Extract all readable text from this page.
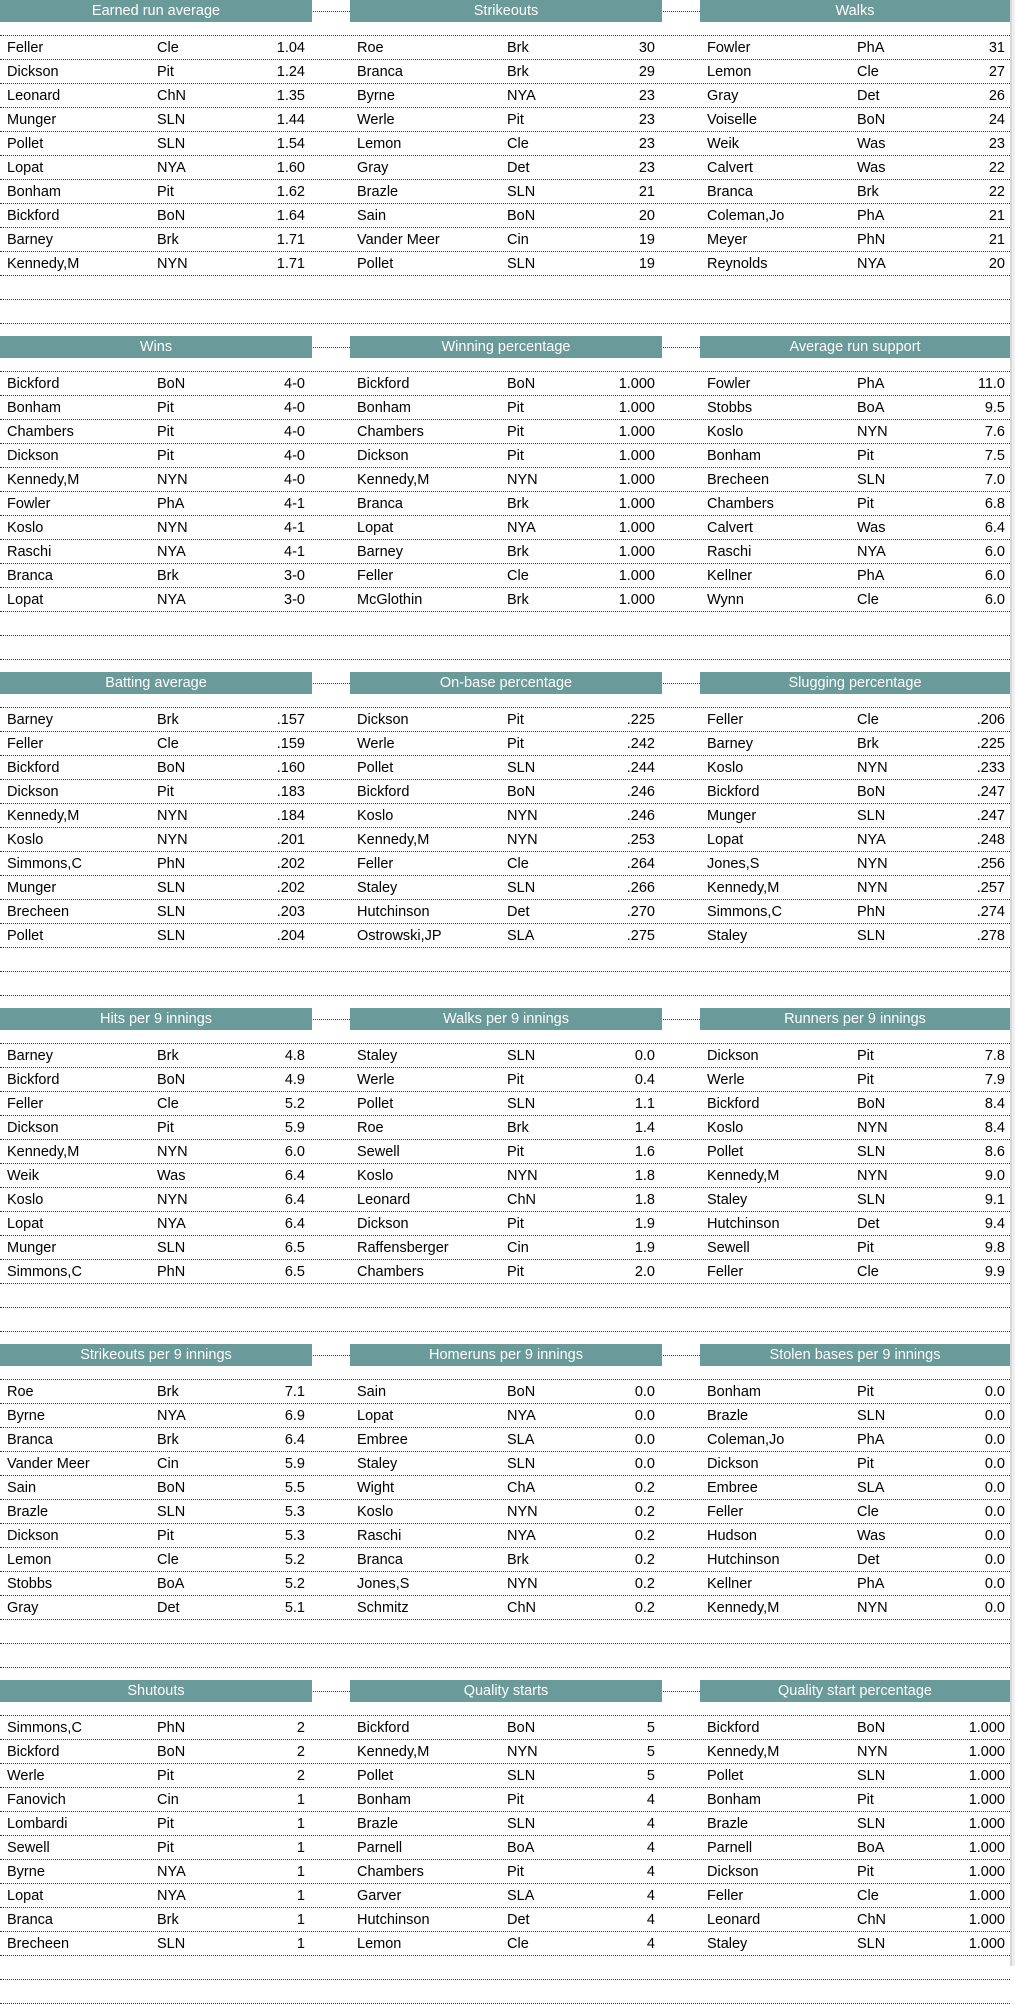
Earned run average
Feller	Cle	1.04
Dickson	Pit	1.24
Leonard	ChN	1.35
Munger	SLN	1.44
Pollet	SLN	1.54
Lopat	NYA	1.60
Bonham	Pit	1.62
Bickford	BoN	1.64
Barney	Brk	1.71
Kennedy,M	NYN	1.71
Strikeouts
Roe	Brk	30
Branca	Brk	29
Byrne	NYA	23
Werle	Pit	23
Lemon	Cle	23
Gray	Det	23
Brazle	SLN	21
Sain	BoN	20
Vander Meer	Cin	19
Pollet	SLN	19
Walks
Fowler	PhA	31
Lemon	Cle	27
Gray	Det	26
Voiselle	BoN	24
Weik	Was	23
Calvert	Was	22
Branca	Brk	22
Coleman,Jo	PhA	21
Meyer	PhN	21
Reynolds	NYA	20
Wins
Bickford	BoN	4-0
Bonham	Pit	4-0
Chambers	Pit	4-0
Dickson	Pit	4-0
Kennedy,M	NYN	4-0
Fowler	PhA	4-1
Koslo	NYN	4-1
Raschi	NYA	4-1
Branca	Brk	3-0
Lopat	NYA	3-0
Winning percentage
Bickford	BoN	1.000
Bonham	Pit	1.000
Chambers	Pit	1.000
Dickson	Pit	1.000
Kennedy,M	NYN	1.000
Branca	Brk	1.000
Lopat	NYA	1.000
Barney	Brk	1.000
Feller	Cle	1.000
McGlothin	Brk	1.000
Average run support
Fowler	PhA	11.0
Stobbs	BoA	9.5
Koslo	NYN	7.6
Bonham	Pit	7.5
Brecheen	SLN	7.0
Chambers	Pit	6.8
Calvert	Was	6.4
Raschi	NYA	6.0
Kellner	PhA	6.0
Wynn	Cle	6.0
Batting average
Barney	Brk	.157
Feller	Cle	.159
Bickford	BoN	.160
Dickson	Pit	.183
Kennedy,M	NYN	.184
Koslo	NYN	.201
Simmons,C	PhN	.202
Munger	SLN	.202
Brecheen	SLN	.203
Pollet	SLN	.204
On-base percentage
Dickson	Pit	.225
Werle	Pit	.242
Pollet	SLN	.244
Bickford	BoN	.246
Koslo	NYN	.246
Kennedy,M	NYN	.253
Feller	Cle	.264
Staley	SLN	.266
Hutchinson	Det	.270
Ostrowski,JP	SLA	.275
Slugging percentage
Feller	Cle	.206
Barney	Brk	.225
Koslo	NYN	.233
Bickford	BoN	.247
Munger	SLN	.247
Lopat	NYA	.248
Jones,S	NYN	.256
Kennedy,M	NYN	.257
Simmons,C	PhN	.274
Staley	SLN	.278
Hits per 9 innings
Barney	Brk	4.8
Bickford	BoN	4.9
Feller	Cle	5.2
Dickson	Pit	5.9
Kennedy,M	NYN	6.0
Weik	Was	6.4
Koslo	NYN	6.4
Lopat	NYA	6.4
Munger	SLN	6.5
Simmons,C	PhN	6.5
Walks per 9 innings
Staley	SLN	0.0
Werle	Pit	0.4
Pollet	SLN	1.1
Roe	Brk	1.4
Sewell	Pit	1.6
Koslo	NYN	1.8
Leonard	ChN	1.8
Dickson	Pit	1.9
Raffensberger	Cin	1.9
Chambers	Pit	2.0
Runners per 9 innings
Dickson	Pit	7.8
Werle	Pit	7.9
Bickford	BoN	8.4
Koslo	NYN	8.4
Pollet	SLN	8.6
Kennedy,M	NYN	9.0
Staley	SLN	9.1
Hutchinson	Det	9.4
Sewell	Pit	9.8
Feller	Cle	9.9
Strikeouts per 9 innings
Roe	Brk	7.1
Byrne	NYA	6.9
Branca	Brk	6.4
Vander Meer	Cin	5.9
Sain	BoN	5.5
Brazle	SLN	5.3
Dickson	Pit	5.3
Lemon	Cle	5.2
Stobbs	BoA	5.2
Gray	Det	5.1
Homeruns per 9 innings
Sain	BoN	0.0
Lopat	NYA	0.0
Embree	SLA	0.0
Staley	SLN	0.0
Wight	ChA	0.2
Koslo	NYN	0.2
Raschi	NYA	0.2
Branca	Brk	0.2
Jones,S	NYN	0.2
Schmitz	ChN	0.2
Stolen bases per 9 innings
Bonham	Pit	0.0
Brazle	SLN	0.0
Coleman,Jo	PhA	0.0
Dickson	Pit	0.0
Embree	SLA	0.0
Feller	Cle	0.0
Hudson	Was	0.0
Hutchinson	Det	0.0
Kellner	PhA	0.0
Kennedy,M	NYN	0.0
Shutouts
Simmons,C	PhN	2
Bickford	BoN	2
Werle	Pit	2
Fanovich	Cin	1
Lombardi	Pit	1
Sewell	Pit	1
Byrne	NYA	1
Lopat	NYA	1
Branca	Brk	1
Brecheen	SLN	1
Quality starts
Bickford	BoN	5
Kennedy,M	NYN	5
Pollet	SLN	5
Bonham	Pit	4
Brazle	SLN	4
Parnell	BoA	4
Chambers	Pit	4
Garver	SLA	4
Hutchinson	Det	4
Lemon	Cle	4
Quality start percentage
Bickford	BoN	1.000
Kennedy,M	NYN	1.000
Pollet	SLN	1.000
Bonham	Pit	1.000
Brazle	SLN	1.000
Parnell	BoA	1.000
Dickson	Pit	1.000
Feller	Cle	1.000
Leonard	ChN	1.000
Staley	SLN	1.000
